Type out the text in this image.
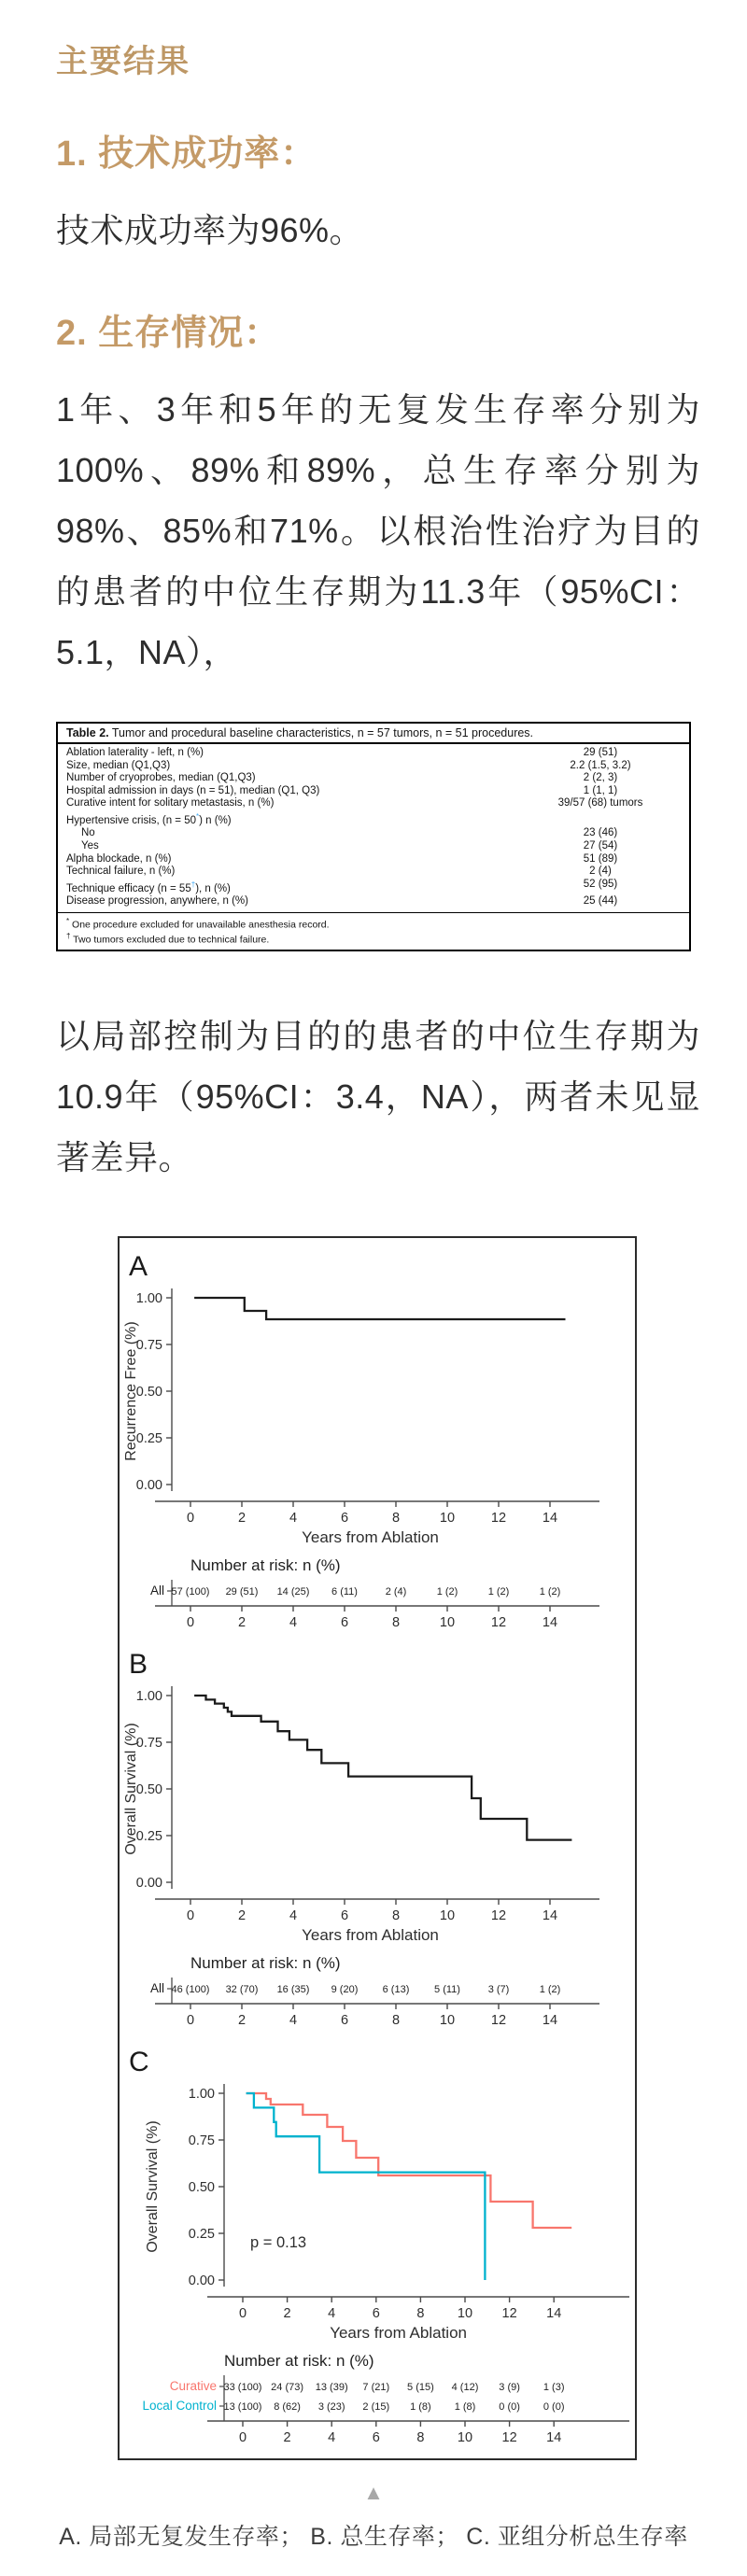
主要结果
1. 技术成功率：

技术成功率为96%。

2. 生存情况：

1年、3年和5年的无复发生存率分别为100%、89%和89%，总生存率分别为98%、85%和71%。以根治性治疗为目的的患者的中位生存期为11.3年（95%CI：5.1，NA），

Table 2. Tumor and procedural baseline characteristics, n = 57 tumors, n = 51 procedures.
Ablation laterality - left, n (%)	29 (51)
Size, median (Q1,Q3)	2.2 (1.5, 3.2)
Number of cryoprobes, median (Q1,Q3)	2 (2, 3)
Hospital admission in days (n = 51), median (Q1, Q3)	1 (1, 1)
Curative intent for solitary metastasis, n (%)	39/57 (68) tumors
Hypertensive crisis, (n = 50*) n (%)
No	23 (46)
Yes	27 (54)
Alpha blockade, n (%)	51 (89)
Technical failure, n (%)	2 (4)
Technique efficacy (n = 55†), n (%)	52 (95)
Disease progression, anywhere, n (%)	25 (44)
* One procedure excluded for unavailable anesthesia record.
† Two tumors excluded due to technical failure.

以局部控制为目的的患者的中位生存期为10.9年（95%CI：3.4，NA），两者未见显著差异。

A
1.00
0.75
0.50
0.25
0.00
Recurrence Free (%)
0	2	4	6	8	10	12	14
Years from Ablation
Number at risk: n (%)
All 57 (100) 29 (51) 14 (25) 6 (11)	2 (4)	1 (2)	1 (2)	1 (2)
0	2	4	6	8	10	12	14
B
1.00
0.75
0.50
0.25
0.00
Overall Survival (%)
0	2	4	6	8	10	12	14
Years from Ablation
Number at risk: n (%)
All 46 (100) 32 (70) 16 (35) 9 (20) 6 (13) 5 (11)	3 (7)	1 (2)
0	2	4	6	8	10	12	14
C
1.00
0.75
0.50
0.25
0.00
Overall Survival (%)
0	2	4	6	8 10 12 14
Years from Ablation
p = 0.13
Number at risk: n (%)
Curative 33 (100) 24 (73) 13 (39) 7 (21) 5 (15) 4 (12) 3 (9) 1 (3)
Local Control 13 (100) 8 (62) 3 (23) 2 (15) 1 (8) 1 (8) 0 (0) 0 (0)
0	2	4	6	8 10 12 14
▲
A. 局部无复发生存率； B. 总生存率； C. 亚组分析总生存率
